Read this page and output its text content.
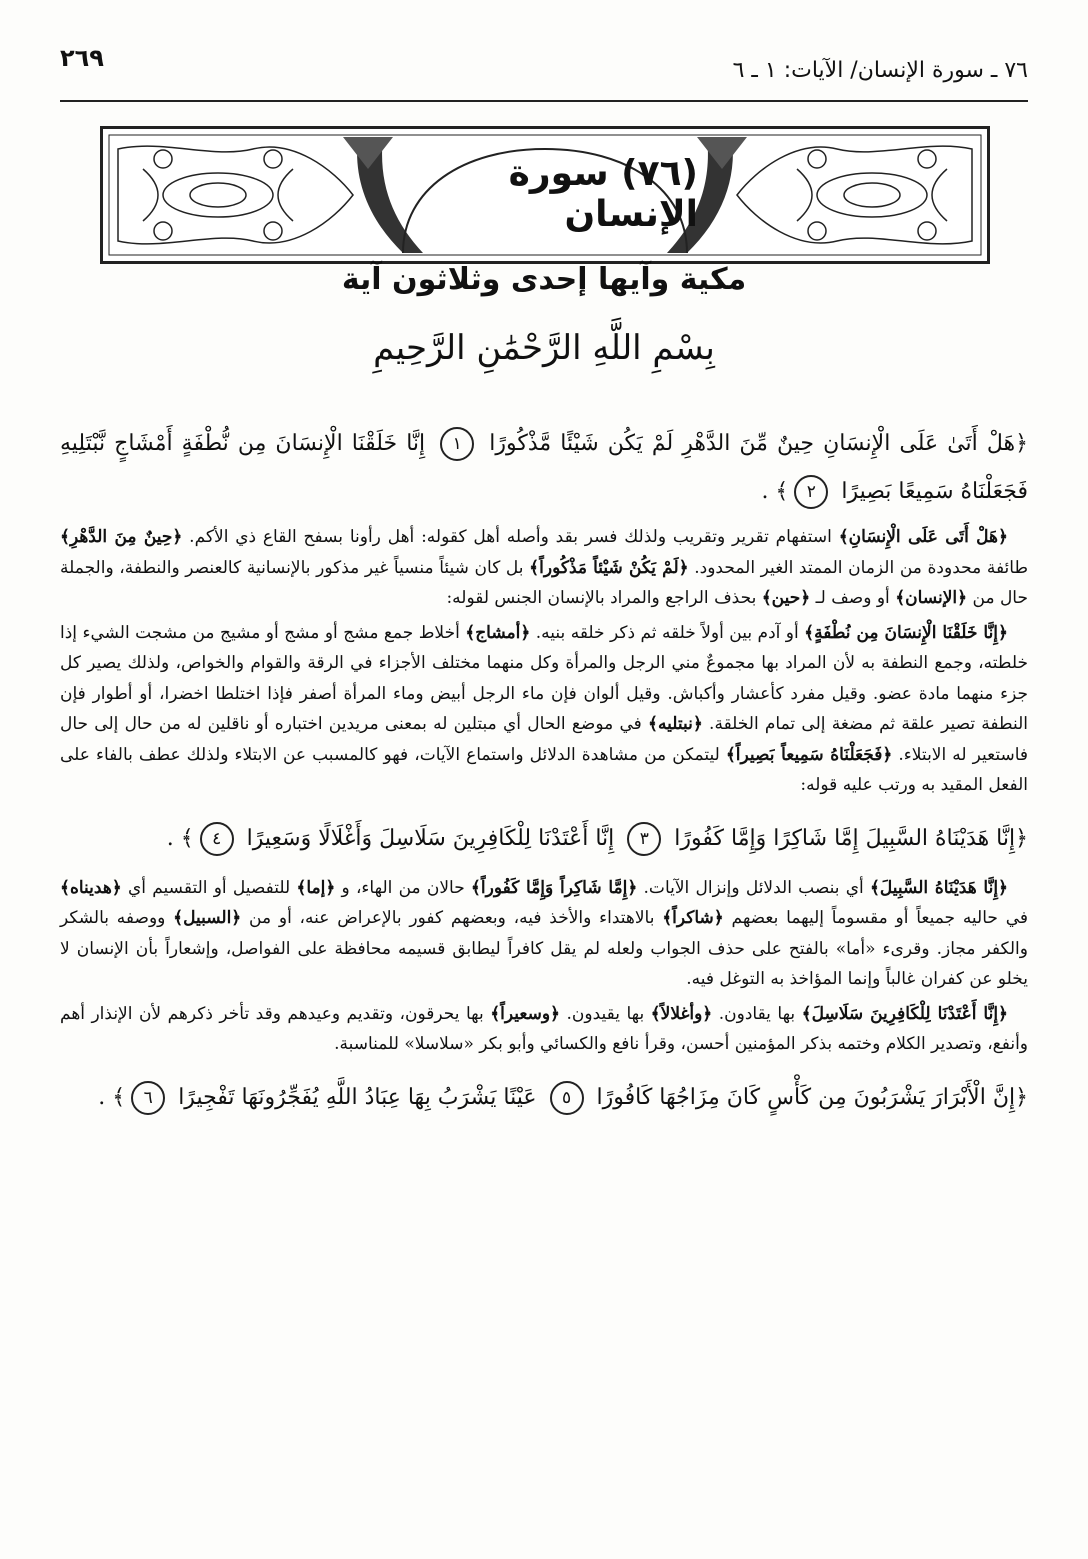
٧٦ ـ سورة الإنسان/ الآيات: ١ ـ ٦
٢٦٩
(٧٦) سورة الإنسان
مكية وآيها إحدى وثلاثون آية
بِسْمِ اللَّهِ الرَّحْمَٰنِ الرَّحِيمِ

﴿هَلْ أَتَىٰ عَلَى الْإِنسَانِ حِينٌ مِّنَ الدَّهْرِ لَمْ يَكُن شَيْئًا مَّذْكُورًا ١ إِنَّا خَلَقْنَا الْإِنسَانَ مِن نُّطْفَةٍ أَمْشَاجٍ نَّبْتَلِيهِ فَجَعَلْنَاهُ سَمِيعًا بَصِيرًا ٢﴾ .

﴿هَلْ أَتَى عَلَى الْإِنسَانِ﴾ استفهام تقرير وتقريب ولذلك فسر بقد وأصله أهل كقوله: أهل رأونا بسفح القاع ذي الأكم. ﴿حِينٌ مِنَ الدَّهْرِ﴾ طائفة محدودة من الزمان الممتد الغير المحدود. ﴿لَمْ يَكُنْ شَيْئاً مَذْكُوراً﴾ بل كان شيئاً منسياً غير مذكور بالإنسانية كالعنصر والنطفة، والجملة حال من ﴿الإنسان﴾ أو وصف لـ ﴿حين﴾ بحذف الراجع والمراد بالإنسان الجنس لقوله:

﴿إِنَّا خَلَقْنَا الْإِنسَانَ مِن نُطْفَةٍ﴾ أو آدم بين أولاً خلقه ثم ذكر خلقه بنيه. ﴿أمشاج﴾ أخلاط جمع مشج أو مشج أو مشيج من مشجت الشيء إذا خلطته، وجمع النطفة به لأن المراد بها مجموعٌ مني الرجل والمرأة وكل منهما مختلف الأجزاء في الرقة والقوام والخواص، ولذلك يصير كل جزء منهما مادة عضو. وقيل مفرد كأعشار وأكباش. وقيل ألوان فإن ماء الرجل أبيض وماء المرأة أصفر فإذا اختلطا اخضرا، أو أطوار فإن النطفة تصير علقة ثم مضغة إلى تمام الخلقة. ﴿نبتليه﴾ في موضع الحال أي مبتلين له بمعنى مريدين اختباره أو ناقلين له من حال إلى حال فاستعير له الابتلاء. ﴿فَجَعَلْنَاهُ سَمِيعاً بَصِيراً﴾ ليتمكن من مشاهدة الدلائل واستماع الآيات، فهو كالمسبب عن الابتلاء ولذلك عطف بالفاء على الفعل المقيد به ورتب عليه قوله:

﴿إِنَّا هَدَيْنَاهُ السَّبِيلَ إِمَّا شَاكِرًا وَإِمَّا كَفُورًا ٣ إِنَّا أَعْتَدْنَا لِلْكَافِرِينَ سَلَاسِلَ وَأَغْلَالًا وَسَعِيرًا ٤﴾ .

﴿إِنَّا هَدَيْنَاهُ السَّبِيلَ﴾ أي بنصب الدلائل وإنزال الآيات. ﴿إِمَّا شَاكِراً وَإِمَّا كَفُوراً﴾ حالان من الهاء، و ﴿إما﴾ للتفصيل أو التقسيم أي ﴿هديناه﴾ في حاليه جميعاً أو مقسوماً إليهما بعضهم ﴿شاكراً﴾ بالاهتداء والأخذ فيه، وبعضهم كفور بالإعراض عنه، أو من ﴿السبيل﴾ ووصفه بالشكر والكفر مجاز. وقرىء «أما» بالفتح على حذف الجواب ولعله لم يقل كافراً ليطابق قسيمه محافظة على الفواصل، وإشعاراً بأن الإنسان لا يخلو عن كفران غالباً وإنما المؤاخذ به التوغل فيه.

﴿إِنَّا أَعْتَدْنَا لِلْكَافِرِينَ سَلَاسِلَ﴾ بها يقادون. ﴿وأغلالاً﴾ بها يقيدون. ﴿وسعيراً﴾ بها يحرقون، وتقديم وعيدهم وقد تأخر ذكرهم لأن الإنذار أهم وأنفع، وتصدير الكلام وختمه بذكر المؤمنين أحسن، وقرأ نافع والكسائي وأبو بكر «سلاسلا» للمناسبة.

﴿إِنَّ الْأَبْرَارَ يَشْرَبُونَ مِن كَأْسٍ كَانَ مِزَاجُهَا كَافُورًا ٥ عَيْنًا يَشْرَبُ بِهَا عِبَادُ اللَّهِ يُفَجِّرُونَهَا تَفْجِيرًا ٦﴾ .
